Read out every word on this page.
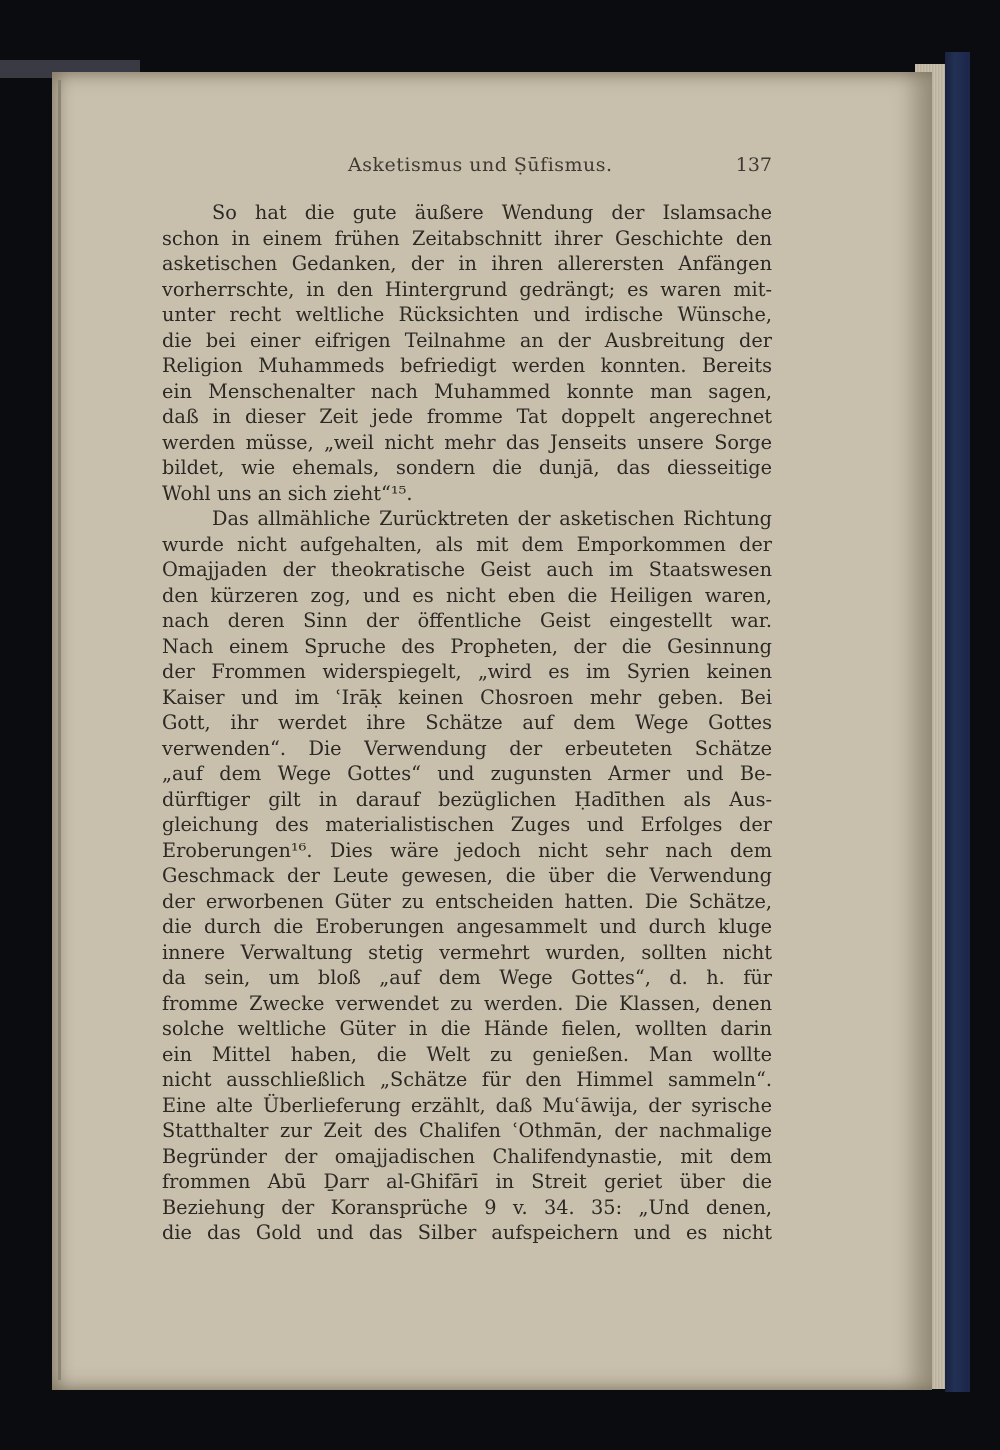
Asketismus und Ṣūfismus.	137
So hat die gute äußere Wendung der Islamsache
schon in einem frühen Zeitabschnitt ihrer Geschichte den
asketischen Gedanken, der in ihren allerersten Anfängen
vorherrschte, in den Hintergrund gedrängt; es waren mit-
unter recht weltliche Rücksichten und irdische Wünsche,
die bei einer eifrigen Teilnahme an der Ausbreitung der
Religion Muhammeds befriedigt werden konnten. Bereits
ein Menschenalter nach Muhammed konnte man sagen,
daß in dieser Zeit jede fromme Tat doppelt angerechnet
werden müsse, „weil nicht mehr das Jenseits unsere Sorge
bildet, wie ehemals, sondern die dunjā, das diesseitige
Wohl uns an sich zieht“¹⁵.
Das allmähliche Zurücktreten der asketischen Richtung
wurde nicht aufgehalten, als mit dem Emporkommen der
Omajjaden der theokratische Geist auch im Staatswesen
den kürzeren zog, und es nicht eben die Heiligen waren,
nach deren Sinn der öffentliche Geist eingestellt war.
Nach einem Spruche des Propheten, der die Gesinnung
der Frommen widerspiegelt, „wird es im Syrien keinen
Kaiser und im ʿIrāḳ keinen Chosroen mehr geben. Bei
Gott, ihr werdet ihre Schätze auf dem Wege Gottes
verwenden“. Die Verwendung der erbeuteten Schätze
„auf dem Wege Gottes“ und zugunsten Armer und Be-
dürftiger gilt in darauf bezüglichen Ḥadīthen als Aus-
gleichung des materialistischen Zuges und Erfolges der
Eroberungen¹⁶. Dies wäre jedoch nicht sehr nach dem
Geschmack der Leute gewesen, die über die Verwendung
der erworbenen Güter zu entscheiden hatten. Die Schätze,
die durch die Eroberungen angesammelt und durch kluge
innere Verwaltung stetig vermehrt wurden, sollten nicht
da sein, um bloß „auf dem Wege Gottes“, d. h. für
fromme Zwecke verwendet zu werden. Die Klassen, denen
solche weltliche Güter in die Hände fielen, wollten darin
ein Mittel haben, die Welt zu genießen. Man wollte
nicht ausschließlich „Schätze für den Himmel sammeln“.
Eine alte Überlieferung erzählt, daß Muʿāwija, der syrische
Statthalter zur Zeit des Chalifen ʿOthmān, der nachmalige
Begründer der omajjadischen Chalifendynastie, mit dem
frommen Abū Ḏarr al-Ghifārī in Streit geriet über die
Beziehung der Koransprüche 9 v. 34. 35: „Und denen,
die das Gold und das Silber aufspeichern und es nicht
